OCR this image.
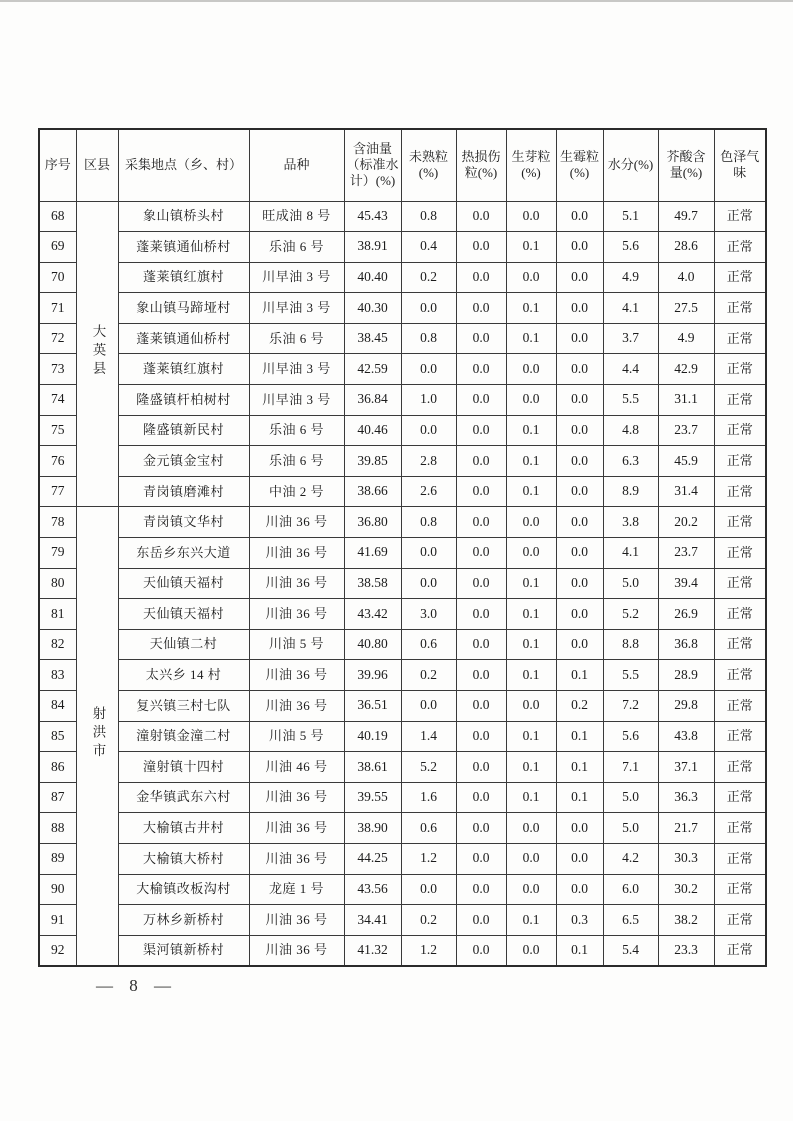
序号	区县	采集地点（乡、村）	品种	含油量（标准水计）(%)	未熟粒(%)	热损伤粒(%)	生芽粒(%)	生霉粒(%)	水分(%)	芥酸含量(%)	色泽气味
68	大英县	象山镇桥头村	旺成油 8 号	45.43	0.8	0.0	0.0	0.0	5.1	49.7	正常
69		蓬莱镇通仙桥村	乐油 6 号	38.91	0.4	0.0	0.1	0.0	5.6	28.6	正常
70		蓬莱镇红旗村	川早油 3 号	40.40	0.2	0.0	0.0	0.0	4.9	4.0	正常
71		象山镇马蹄垭村	川早油 3 号	40.30	0.0	0.0	0.1	0.0	4.1	27.5	正常
72		蓬莱镇通仙桥村	乐油 6 号	38.45	0.8	0.0	0.1	0.0	3.7	4.9	正常
73		蓬莱镇红旗村	川早油 3 号	42.59	0.0	0.0	0.0	0.0	4.4	42.9	正常
74		隆盛镇杆柏树村	川早油 3 号	36.84	1.0	0.0	0.0	0.0	5.5	31.1	正常
75		隆盛镇新民村	乐油 6 号	40.46	0.0	0.0	0.1	0.0	4.8	23.7	正常
76		金元镇金宝村	乐油 6 号	39.85	2.8	0.0	0.1	0.0	6.3	45.9	正常
77		青岗镇磨滩村	中油 2 号	38.66	2.6	0.0	0.1	0.0	8.9	31.4	正常
78	射洪市	青岗镇文华村	川油 36 号	36.80	0.8	0.0	0.0	0.0	3.8	20.2	正常
79		东岳乡东兴大道	川油 36 号	41.69	0.0	0.0	0.0	0.0	4.1	23.7	正常
80		天仙镇天福村	川油 36 号	38.58	0.0	0.0	0.1	0.0	5.0	39.4	正常
81		天仙镇天福村	川油 36 号	43.42	3.0	0.0	0.1	0.0	5.2	26.9	正常
82		天仙镇二村	川油 5 号	40.80	0.6	0.0	0.1	0.0	8.8	36.8	正常
83		太兴乡 14 村	川油 36 号	39.96	0.2	0.0	0.1	0.1	5.5	28.9	正常
84		复兴镇三村七队	川油 36 号	36.51	0.0	0.0	0.0	0.2	7.2	29.8	正常
85		潼射镇金潼二村	川油 5 号	40.19	1.4	0.0	0.1	0.1	5.6	43.8	正常
86		潼射镇十四村	川油 46 号	38.61	5.2	0.0	0.1	0.1	7.1	37.1	正常
87		金华镇武东六村	川油 36 号	39.55	1.6	0.0	0.1	0.1	5.0	36.3	正常
88		大榆镇古井村	川油 36 号	38.90	0.6	0.0	0.0	0.0	5.0	21.7	正常
89		大榆镇大桥村	川油 36 号	44.25	1.2	0.0	0.0	0.0	4.2	30.3	正常
90		大榆镇改板沟村	龙庭 1 号	43.56	0.0	0.0	0.0	0.0	6.0	30.2	正常
91		万林乡新桥村	川油 36 号	34.41	0.2	0.0	0.1	0.3	6.5	38.2	正常
92		渠河镇新桥村	川油 36 号	41.32	1.2	0.0	0.0	0.1	5.4	23.3	正常
— 8 —
